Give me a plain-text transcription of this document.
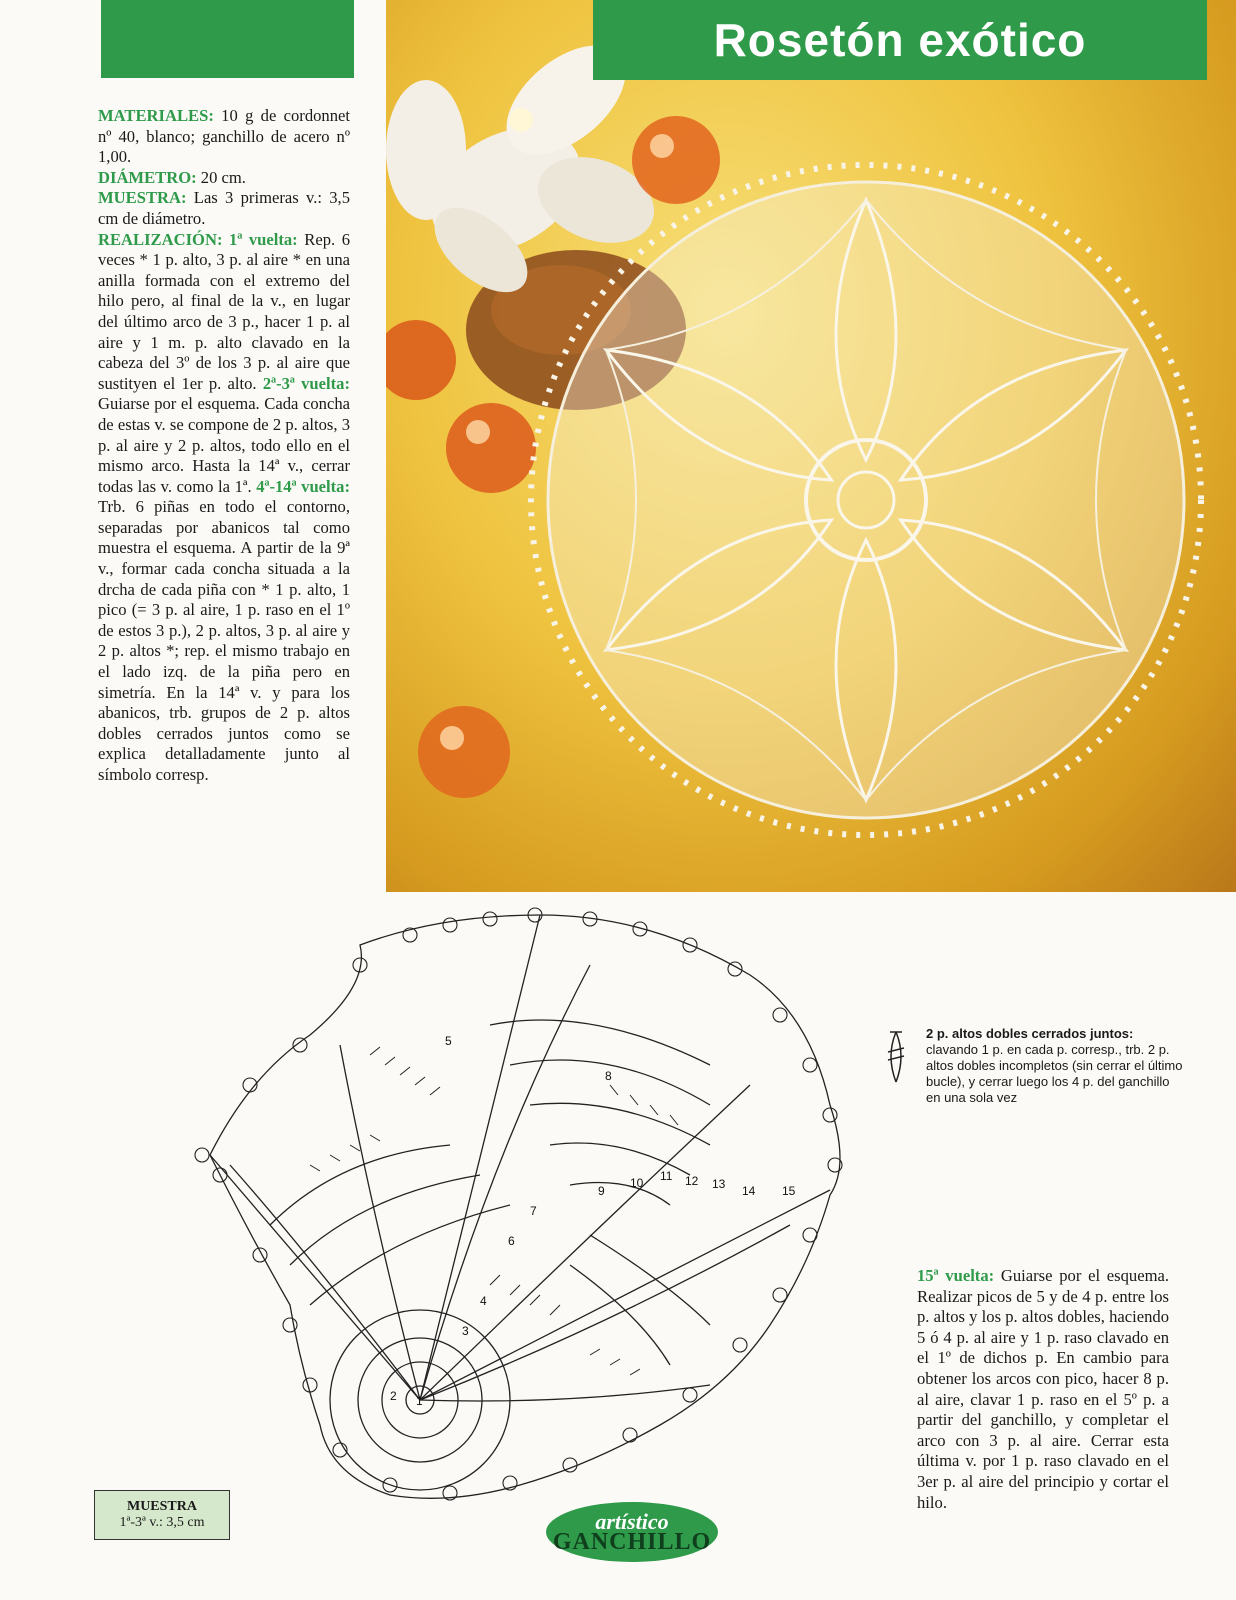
Rosetón exótico

MATERIALES: 10 g de cordonnet nº 40, blanco; ganchillo de acero nº 1,00.

DIÁMETRO: 20 cm.

MUESTRA: Las 3 primeras v.: 3,5 cm de diámetro.

REALIZACIÓN: 1ª vuelta: Rep. 6 veces * 1 p. alto, 3 p. al aire * en una anilla formada con el extremo del hilo pero, al final de la v., en lugar del último arco de 3 p., hacer 1 p. al aire y 1 m. p. alto clavado en la cabeza del 3º de los 3 p. al aire que sustityen el 1er p. alto. 2ª-3ª vuelta: Guiarse por el esquema. Cada concha de estas v. se compone de 2 p. altos, 3 p. al aire y 2 p. altos, todo ello en el mismo arco. Hasta la 14ª v., cerrar todas las v. como la 1ª. 4ª-14ª vuelta: Trb. 6 piñas en todo el contorno, separadas por abanicos tal como muestra el esquema. A partir de la 9ª v., formar cada concha situada a la drcha de cada piña con * 1 p. alto, 1 pico (= 3 p. al aire, 1 p. raso en el 1º de estos 3 p.), 2 p. altos, 3 p. al aire y 2 p. altos *; rep. el mismo trabajo en el lado izq. de la piña pero en simetría. En la 14ª v. y para los abanicos, trb. grupos de 2 p. altos dobles cerrados juntos como se explica detalladamente junto al símbolo corresp.

1
2
3
4
5
6
7
8
9
10 11 12 13 14 15
2 p. altos dobles cerrados juntos:
clavando 1 p. en cada p. corresp., trb. 2 p. altos dobles incompletos (sin cerrar el último bucle), y cerrar luego los 4 p. del ganchillo en una sola vez
15ª vuelta: Guiarse por el esquema. Realizar picos de 5 y de 4 p. entre los p. altos y los p. altos dobles, haciendo 5 ó 4 p. al aire y 1 p. raso clavado en el 1º de dichos p. En cambio para obtener los arcos con pico, hacer 8 p. al aire, clavar 1 p. raso en el 5º p. a partir del ganchillo, y completar el arco con 3 p. al aire. Cerrar esta última v. por 1 p. raso clavado en el 3er p. al aire del principio y cortar el hilo.
MUESTRA
1ª-3ª v.: 3,5 cm	artístico
GANCHILLO
